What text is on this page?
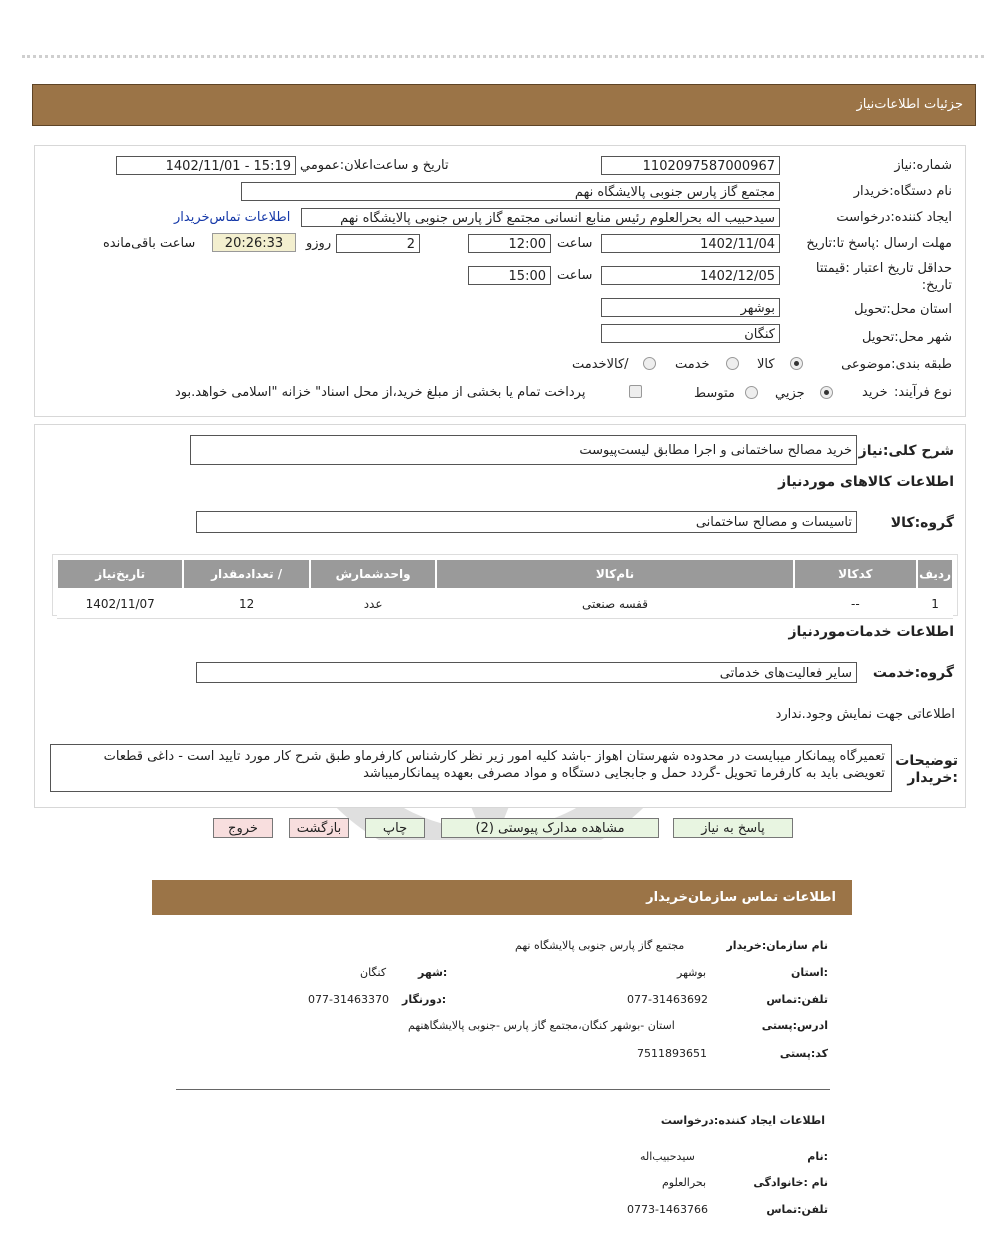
جزئیات اطلاعات‌نیاز
شماره:نیاز
1102097587000967
تاریخ و ساعت‌اعلان:عمومي
1402/11/01 - 15:19
نام دستگاه:خریدار
مجتمع گاز پارس جنوبی پالایشگاه نهم
ایجاد کننده:درخواست
سیدحبیب اله بحرالعلوم رئیس منابع انسانی مجتمع گاز پارس جنوبی پالایشگاه نهم
اطلاعات تماس‌خریدار
مهلت ارسال :پاسخ تا:تاریخ
1402/11/04
ساعت
12:00
2
روزو
20:26:33
ساعت باقی‌مانده
حداقل تاریخ اعتبار :قیمتتا تاریخ:
1402/12/05
ساعت
15:00
استان محل:تحویل
بوشهر
شهر محل:تحویل
کنگان
طبقه بندی:موضوعی
کالا
خدمت
/کالاخدمت
نوع فرآیند:
خرید
جزیي
متوسط
پرداخت تمام یا بخشی از مبلغ خرید،از محل اسناد" خزانه "اسلامی خواهد.بود
شرح کلی:نیاز
خرید مصالح ساختمانی و اجرا مطابق لیست‌پیوست
اطلاعات کالاهای موردنیاز
گروه:کالا
تاسیسات و مصالح ساختمانی
ردیف	کدکالا	نام‌کالا	واحدشمارش	/ تعدادمقدار	تاریخ‌نیاز
1	--	قفسه صنعتی	عدد	12	1402/11/07
اطلاعات خدمات‌موردنیاز
گروه:خدمت
سایر فعالیت‌های خدماتی
اطلاعاتی جهت نمایش وجود.ندارد
توضیحات :خریدار
تعمیرگاه پیمانکار میبایست در محدوده شهرستان اهواز -باشد کلیه امور زیر نظر کارشناس کارفرماو طبق شرح کار مورد تایید است - داغی قطعات
تعویضی باید به کارفرما تحویل -گردد حمل و جابجایی دستگاه و مواد مصرفی بعهده پیمانکارمیباشد
پاسخ به نیاز
مشاهده مدارک پیوستی (2)
چاپ
بازگشت
خروج
اطلاعات تماس سازمان‌خریدار
نام سازمان:خریدار
مجتمع گاز پارس جنوبی پالایشگاه نهم
:استان
بوشهر
:شهر
کنگان
تلفن:تماس
077-31463692
:دورنگار
077-31463370
ادرس:پستی
استان -بوشهر کنگان،مجتمع گاز پارس -جنوبی پالایشگاهنهم
کد:پستی
7511893651
اطلاعات ایجاد کننده:درخواست
:نام
سیدحبیب‌اله
نام :خانوادگی
بحرالعلوم
تلفن:تماس
0773-1463766
